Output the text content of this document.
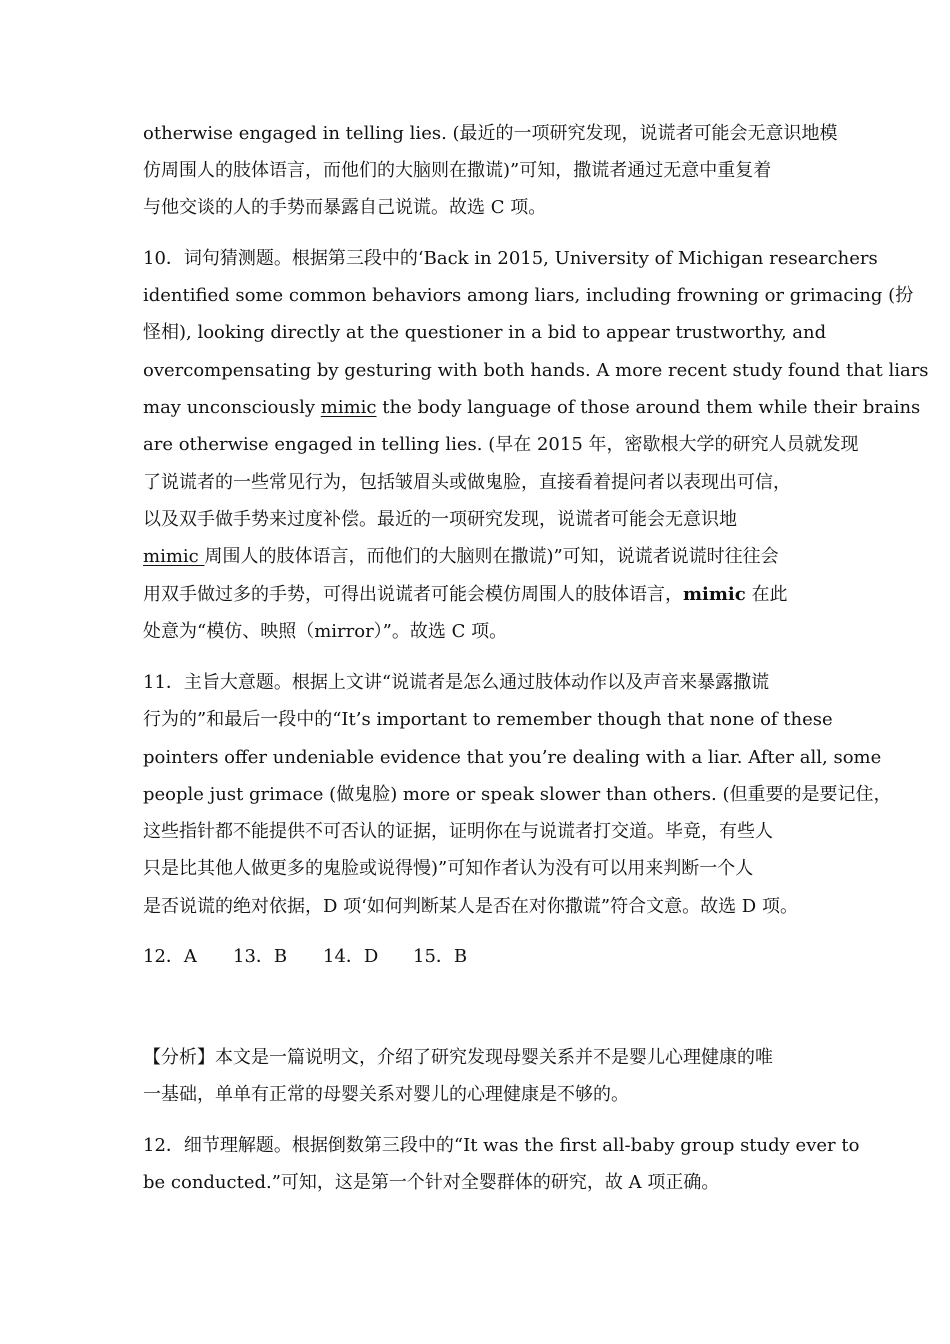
otherwise engaged in telling lies. (最近的一项研究发现，说谎者可能会无意识地模
仿周围人的肢体语言，而他们的大脑则在撒谎)”可知，撒谎者通过无意中重复着
与他交谈的人的手势而暴露自己说谎。故选 C 项。
10．词句猜测题。根据第三段中的‘Back in 2015, University of Michigan researchers
identified some common behaviors among liars, including frowning or grimacing (扮
怪相), looking directly at the questioner in a bid to appear trustworthy, and
overcompensating by gesturing with both hands. A more recent study found that liars
may unconsciously mimic the body language of those around them while their brains
are otherwise engaged in telling lies. (早在 2015 年，密歇根大学的研究人员就发现
了说谎者的一些常见行为，包括皱眉头或做鬼脸，直接看着提问者以表现出可信，
以及双手做手势来过度补偿。最近的一项研究发现，说谎者可能会无意识地
mimic 周围人的肢体语言，而他们的大脑则在撒谎)”可知，说谎者说谎时往往会
用双手做过多的手势，可得出说谎者可能会模仿周围人的肢体语言，mimic 在此
处意为“模仿、映照（mirror）”。故选 C 项。
11．主旨大意题。根据上文讲“说谎者是怎么通过肢体动作以及声音来暴露撒谎
行为的”和最后一段中的“It’s important to remember though that none of these
pointers offer undeniable evidence that you’re dealing with a liar. After all, some
people just grimace (做鬼脸) more or speak slower than others. (但重要的是要记住，
这些指针都不能提供不可否认的证据，证明你在与说谎者打交道。毕竟，有些人
只是比其他人做更多的鬼脸或说得慢)”可知作者认为没有可以用来判断一个人
是否说谎的绝对依据，D 项‘如何判断某人是否在对你撒谎”符合文意。故选 D 项。
12．A 13．B 14．D 15．B
【分析】本文是一篇说明文，介绍了研究发现母婴关系并不是婴儿心理健康的唯
一基础，单单有正常的母婴关系对婴儿的心理健康是不够的。
12．细节理解题。根据倒数第三段中的“It was the first all-baby group study ever to
be conducted.”可知，这是第一个针对全婴群体的研究，故 A 项正确。
